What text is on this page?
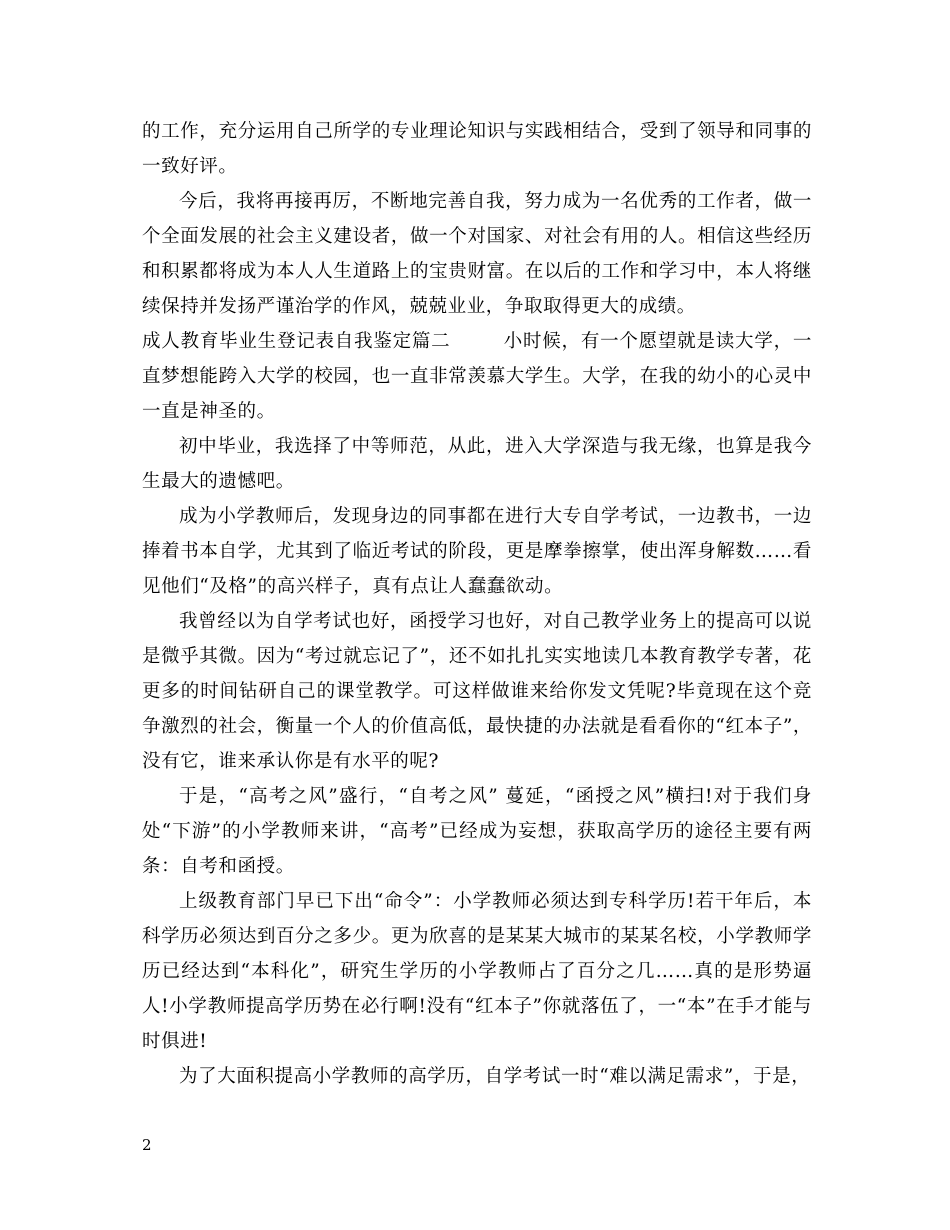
的工作，充分运用自己所学的专业理论知识与实践相结合，受到了领导和同事的一致好评。

今后，我将再接再厉，不断地完善自我，努力成为一名优秀的工作者，做一个全面发展的社会主义建设者，做一个对国家、对社会有用的人。相信这些经历和积累都将成为本人人生道路上的宝贵财富。在以后的工作和学习中，本人将继续保持并发扬严谨治学的作风，兢兢业业，争取取得更大的成绩。

成人教育毕业生登记表自我鉴定篇二	小时候，有一个愿望就是读大学，一直梦想能跨入大学的校园，也一直非常羡慕大学生。大学，在我的幼小的心灵中一直是神圣的。

初中毕业，我选择了中等师范，从此，进入大学深造与我无缘，也算是我今生最大的遗憾吧。

成为小学教师后，发现身边的同事都在进行大专自学考试，一边教书，一边捧着书本自学，尤其到了临近考试的阶段，更是摩拳擦掌，使出浑身解数……看见他们“及格”的高兴样子，真有点让人蠢蠢欲动。

我曾经以为自学考试也好，函授学习也好，对自己教学业务上的提高可以说是微乎其微。因为“考过就忘记了”，还不如扎扎实实地读几本教育教学专著，花更多的时间钻研自己的课堂教学。可这样做谁来给你发文凭呢?毕竟现在这个竞争激烈的社会，衡量一个人的价值高低，最快捷的办法就是看看你的“红本子”，没有它，谁来承认你是有水平的呢?

于是，“高考之风”盛行，“自考之风” 蔓延，“函授之风”横扫!对于我们身处“下游”的小学教师来讲，“高考”已经成为妄想，获取高学历的途径主要有两条：自考和函授。

上级教育部门早已下出“命令”：小学教师必须达到专科学历!若干年后，本科学历必须达到百分之多少。更为欣喜的是某某大城市的某某名校，小学教师学历已经达到“本科化”，研究生学历的小学教师占了百分之几……真的是形势逼人!小学教师提高学历势在必行啊!没有“红本子”你就落伍了，一“本”在手才能与时俱进!

为了大面积提高小学教师的高学历，自学考试一时“难以满足需求”，于是，

2
